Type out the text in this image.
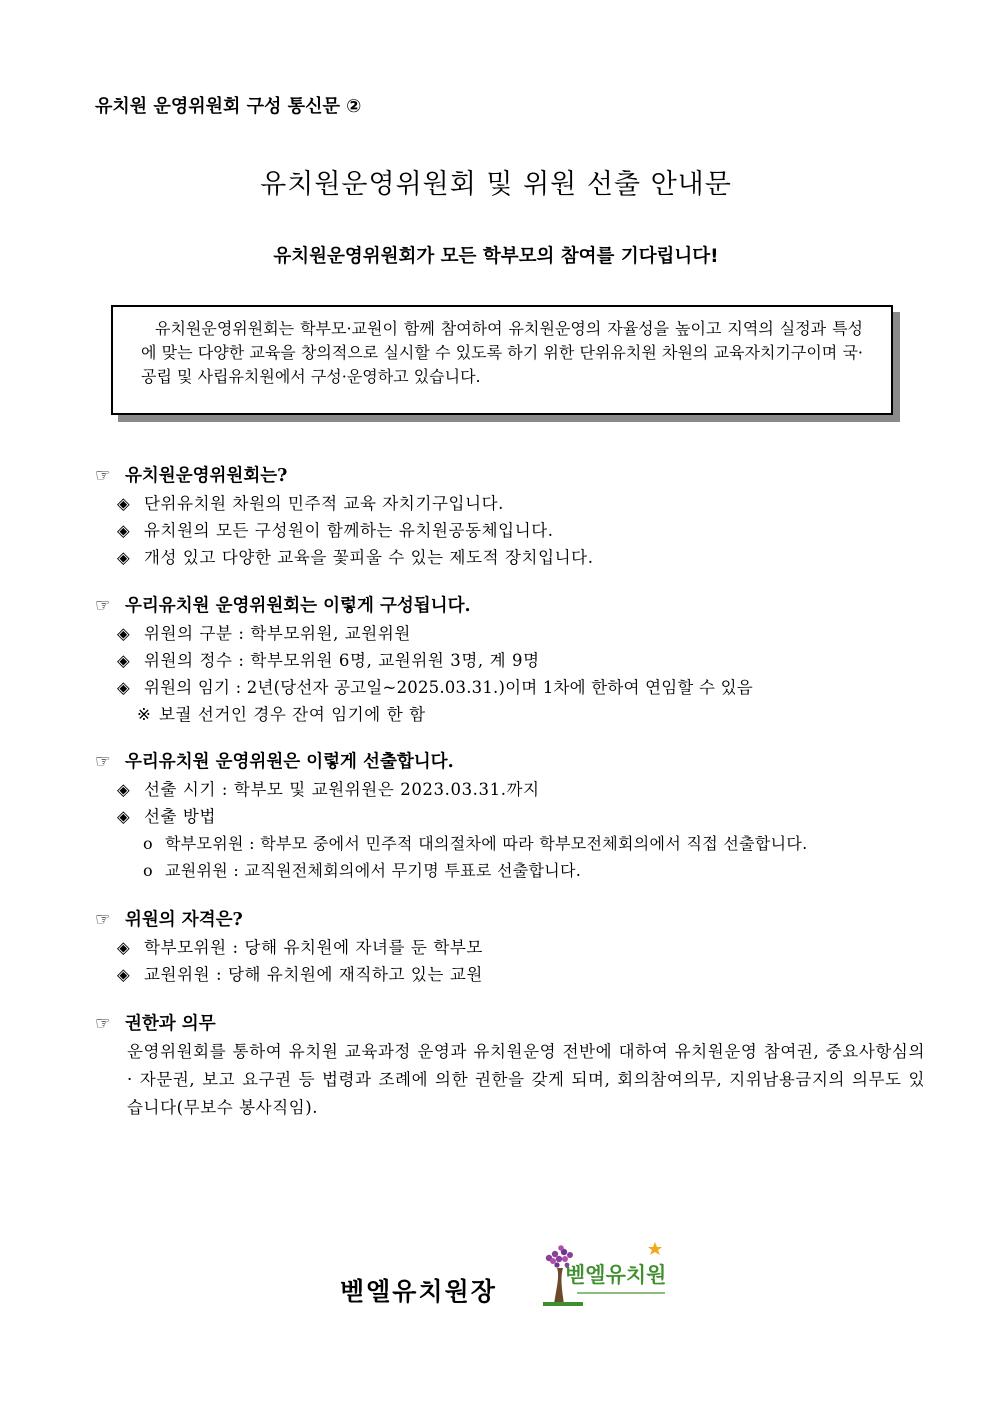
유치원 운영위원회 구성 통신문 ②
유치원운영위원회 및 위원 선출 안내문
유치원운영위원회가 모든 학부모의 참여를 기다립니다!

유치원운영위원회는 학부모·교원이 함께 참여하여 유치원운영의 자율성을 높이고 지역의 실정과 특성에 맞는 다양한 교육을 창의적으로 실시할 수 있도록 하기 위한 단위유치원 차원의 교육자치기구이며 국·공립 및 사립유치원에서 구성·운영하고 있습니다.

☞ 유치원운영위원회는?
◈ 단위유치원 차원의 민주적 교육 자치기구입니다.
◈ 유치원의 모든 구성원이 함께하는 유치원공동체입니다.
◈ 개성 있고 다양한 교육을 꽃피울 수 있는 제도적 장치입니다.
☞ 우리유치원 운영위원회는 이렇게 구성됩니다.
◈ 위원의 구분 : 학부모위원, 교원위원
◈ 위원의 정수 : 학부모위원 6명, 교원위원 3명, 계 9명
◈ 위원의 임기 : 2년(당선자 공고일~2025.03.31.)이며 1차에 한하여 연임할 수 있음
※ 보궐 선거인 경우 잔여 임기에 한 함
☞ 우리유치원 운영위원은 이렇게 선출합니다.
◈ 선출 시기 : 학부모 및 교원위원은 2023.03.31.까지
◈ 선출 방법
o 학부모위원 : 학부모 중에서 민주적 대의절차에 따라 학부모전체회의에서 직접 선출합니다.
o 교원위원 : 교직원전체회의에서 무기명 투표로 선출합니다.
☞ 위원의 자격은?
◈ 학부모위원 : 당해 유치원에 자녀를 둔 학부모
◈ 교원위원 : 당해 유치원에 재직하고 있는 교원
☞ 권한과 의무

운영위원회를 통하여 유치원 교육과정 운영과 유치원운영 전반에 대하여 유치원운영 참여권, 중요사항심의 · 자문권, 보고 요구권 등 법령과 조례에 의한 권한을 갖게 되며, 회의참여의무, 지위남용금지의 의무도 있습니다(무보수 봉사직임).

벧엘유치원장
벧엘유치원
